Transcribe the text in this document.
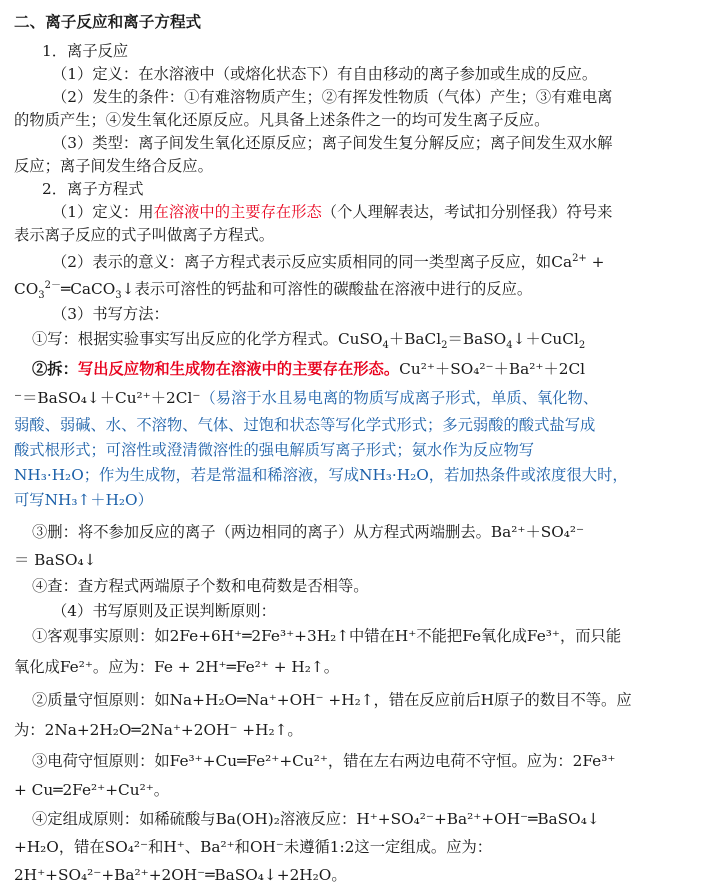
二、离子反应和离子方程式
1．离子反应
（1）定义：在水溶液中（或熔化状态下）有自由移动的离子参加或生成的反应。
（2）发生的条件：①有难溶物质产生；②有挥发性物质（气体）产生；③有难电离
的物质产生；④发生氧化还原反应。凡具备上述条件之一的均可发生离子反应。
（3）类型：离子间发生氧化还原反应；离子间发生复分解反应；离子间发生双水解
反应；离子间发生络合反应。
2．离子方程式
（1）定义：用在溶液中的主要存在形态（个人理解表达，考试扣分别怪我）符号来
表示离子反应的式子叫做离子方程式。
（2）表示的意义：离子方程式表示反应实质相同的同一类型离子反应，如$Ca^{2+}$ +
$CO_3^{2-}═CaCO_3↓$表示可溶性的钙盐和可溶性的碳酸盐在溶液中进行的反应。
（3）书写方法：
①写：根据实验事实写出反应的化学方程式。CuSO$_4$＋BaCl$_2$＝BaSO$_4$↓＋CuCl$_2$
②拆：写出反应物和生成物在溶液中的主要存在形态。Cu²⁺＋SO₄²⁻＋Ba²⁺＋2Cl
⁻＝BaSO₄↓＋Cu²⁺＋2Cl⁻（易溶于水且易电离的物质写成离子形式，单质、氧化物、
弱酸、弱碱、水、不溶物、气体、过饱和状态等写化学式形式；多元弱酸的酸式盐写成
酸式根形式；可溶性或澄清微溶性的强电解质写离子形式；氨水作为反应物写
NH₃·H₂O；作为生成物，若是常温和稀溶液，写成NH₃·H₂O，若加热条件或浓度很大时，
可写NH₃↑＋H₂O）
③删：将不参加反应的离子（两边相同的离子）从方程式两端删去。Ba²⁺＋SO₄²⁻
＝ BaSO₄↓
④查：查方程式两端原子个数和电荷数是否相等。
（4）书写原则及正误判断原则：
①客观事实原则：如2Fe+6H⁺═2Fe³⁺+3H₂↑中错在H⁺不能把Fe氧化成Fe³⁺，而只能
氧化成Fe²⁺。应为：Fe + 2H⁺═Fe²⁺ + H₂↑。
②质量守恒原则：如Na+H₂O═Na⁺+OH⁻ +H₂↑，错在反应前后H原子的数目不等。应
为：2Na+2H₂O═2Na⁺+2OH⁻ +H₂↑。
③电荷守恒原则：如Fe³⁺+Cu═Fe²⁺+Cu²⁺，错在左右两边电荷不守恒。应为：2Fe³⁺
+ Cu═2Fe²⁺+Cu²⁺。
④定组成原则：如稀硫酸与Ba(OH)₂溶液反应：H⁺+SO₄²⁻+Ba²⁺+OH⁻═BaSO₄↓
+H₂O，错在SO₄²⁻和H⁺、Ba²⁺和OH⁻未遵循1:2这一定组成。应为：
2H⁺+SO₄²⁻+Ba²⁺+2OH⁻═BaSO₄↓+2H₂O。
